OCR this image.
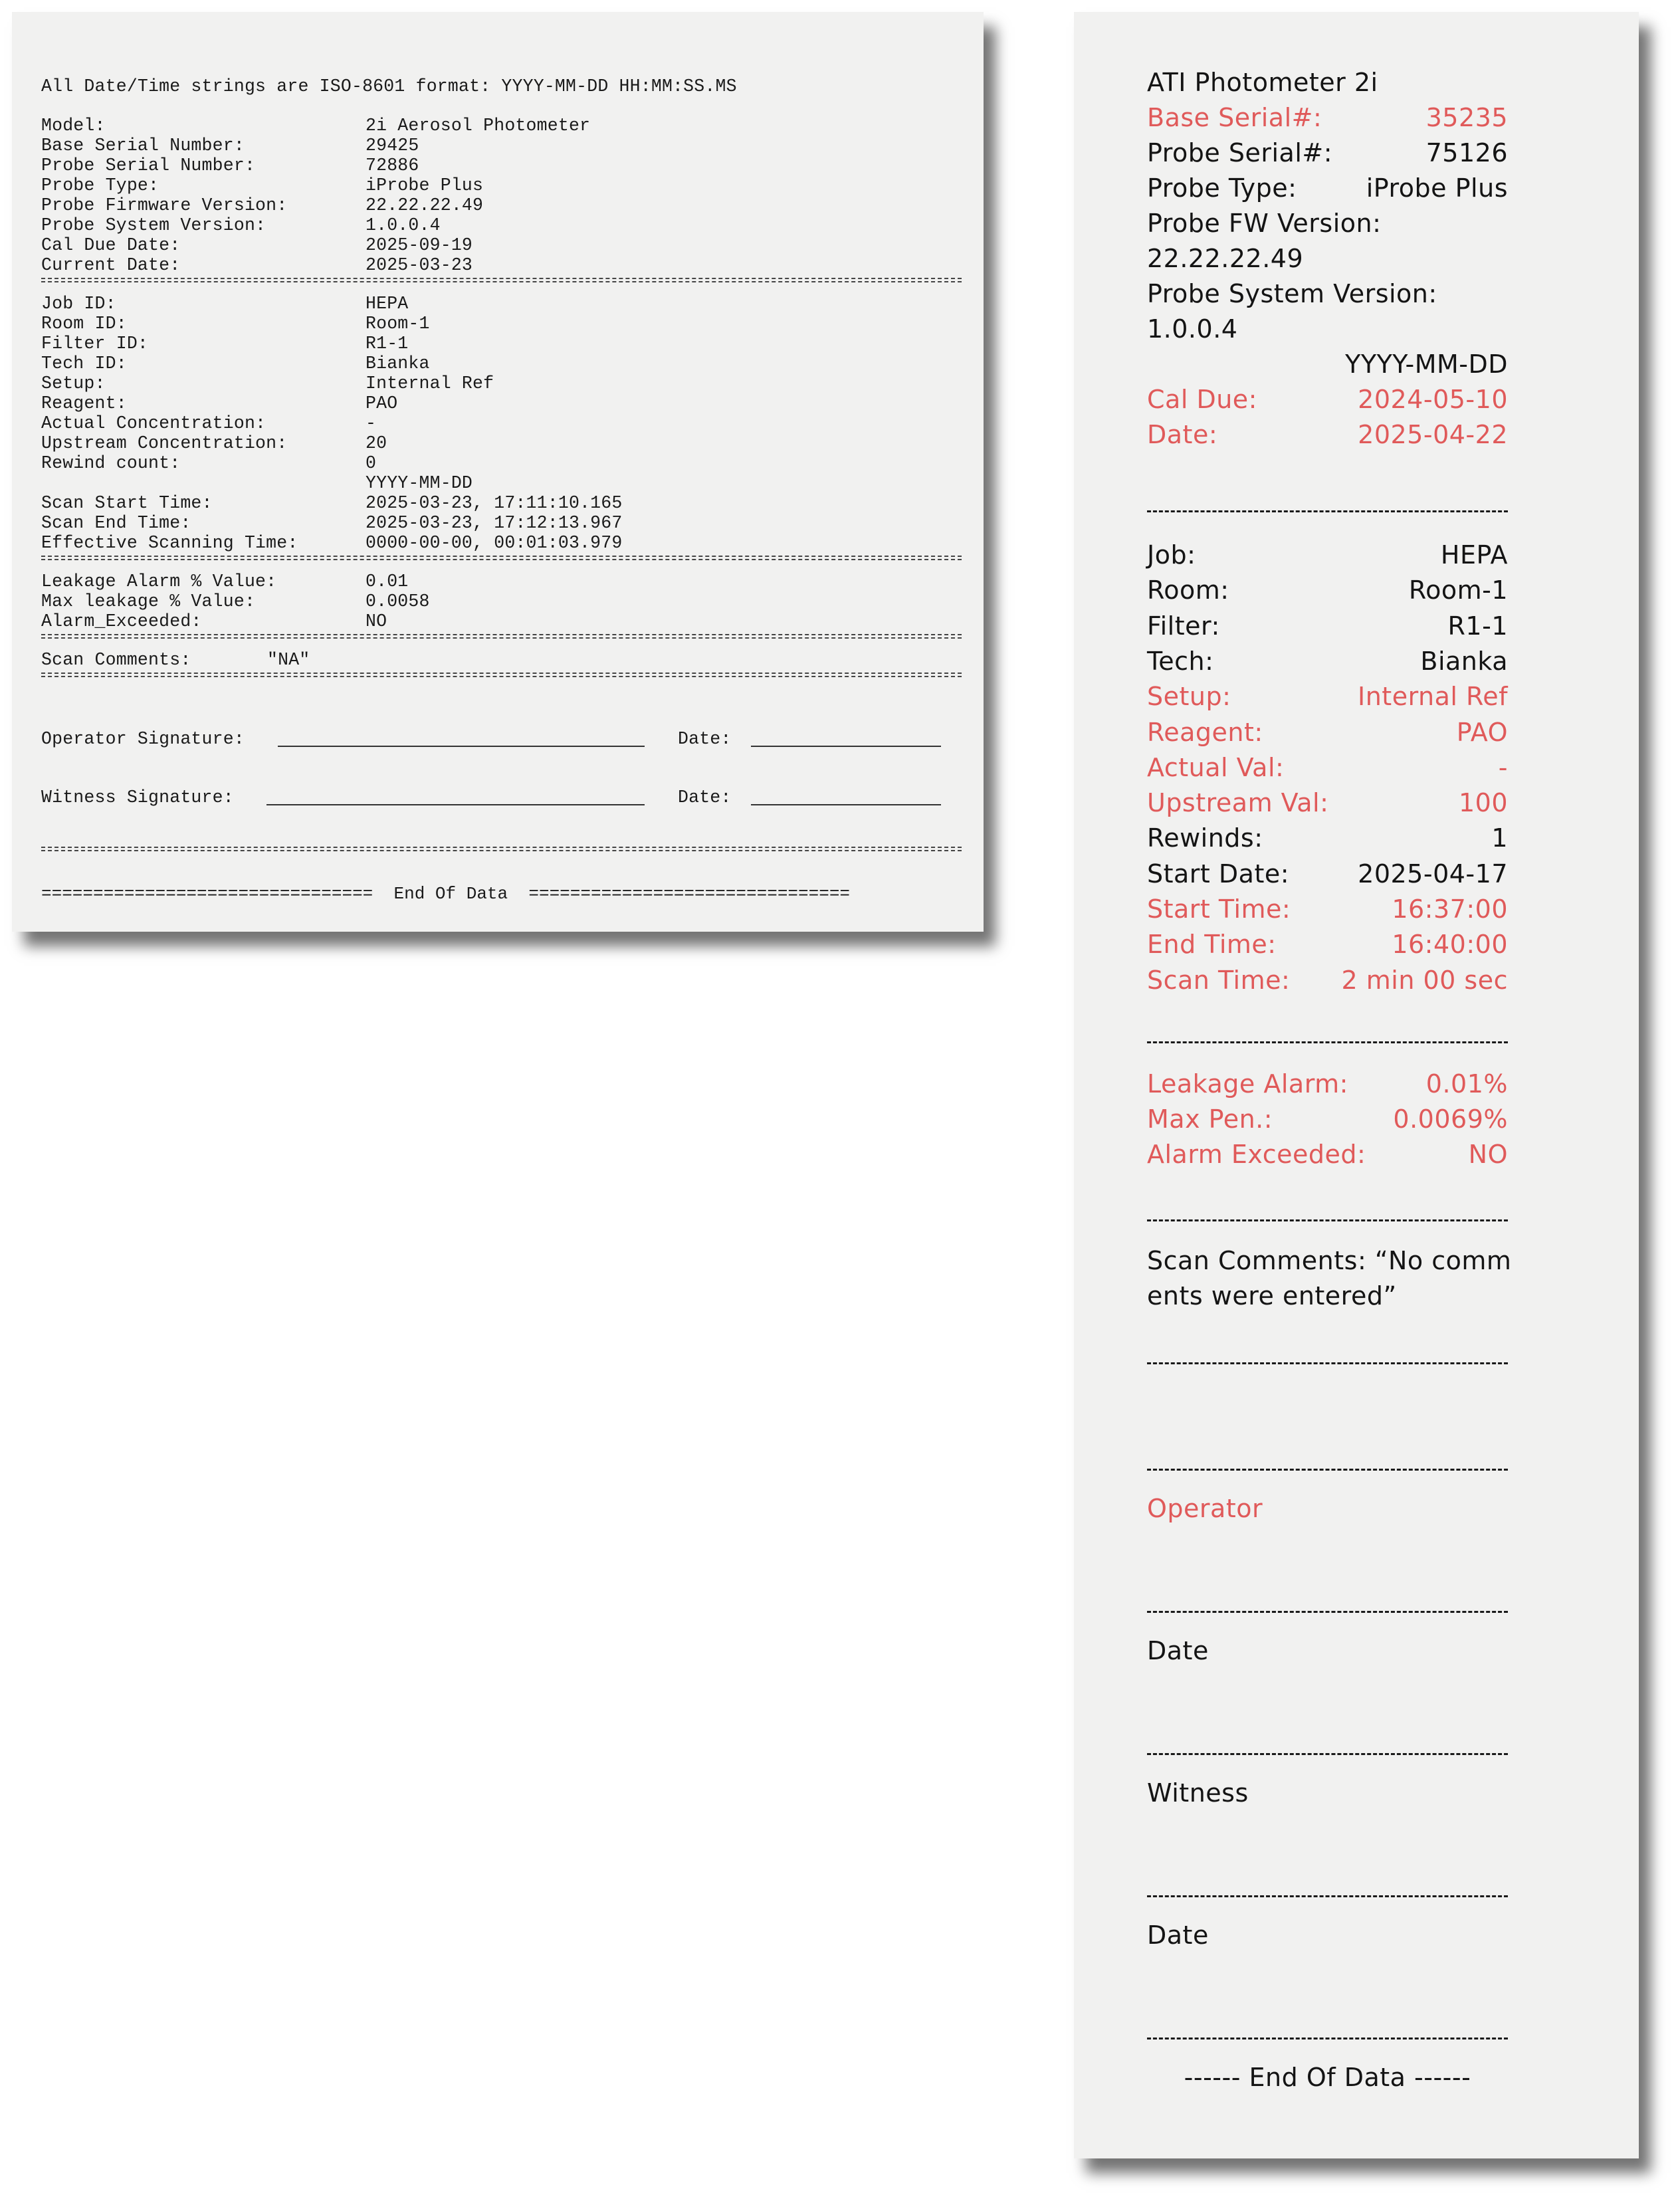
All Date/Time strings are ISO-8601 format: YYYY-MM-DD HH:MM:SS.MS
Model:	2i Aerosol Photometer
Base Serial Number:	29425
Probe Serial Number:	72886
Probe Type:	iProbe Plus
Probe Firmware Version:	22.22.22.49
Probe System Version:	1.0.0.4
Cal Due Date:	2025-09-19
Current Date:	2025-03-23
Job ID:	HEPA
Room ID:	Room-1
Filter ID:	R1-1
Tech ID:	Bianka
Setup:	Internal Ref
Reagent:	PAO
Actual Concentration:	-
Upstream Concentration:	20
Rewind count:	0
YYYY-MM-DD
Scan Start Time:	2025-03-23, 17:11:10.165
Scan End Time:	2025-03-23, 17:12:13.967
Effective Scanning Time:	0000-00-00, 00:01:03.979
Leakage Alarm % Value:	0.01
Max leakage % Value:	0.0058
Alarm_Exceeded:	NO
Scan Comments:	"NA"
Operator Signature:	Date:
Witness Signature:	Date:
================================ End Of Data ===============================
ATI Photometer 2i
Base Serial#:	35235
Probe Serial#:	75126
Probe Type:	iProbe Plus
Probe FW Version:
22.22.22.49
Probe System Version:
1.0.0.4
YYYY-MM-DD
Cal Due:	2024-05-10
Date:	2025-04-22
Job:	HEPA
Room:	Room-1
Filter:	R1-1
Tech:	Bianka
Setup:	Internal Ref
Reagent:	PAO
Actual Val:	-
Upstream Val:	100
Rewinds:	1
Start Date:	2025-04-17
Start Time:	16:37:00
End Time:	16:40:00
Scan Time: 2 min 00 sec
Leakage Alarm:	0.01%
Max Pen.:	0.0069%
Alarm Exceeded:	NO
Scan Comments: “No comm
ents were entered”
Operator
Date
Witness
Date
------ End Of Data ------
